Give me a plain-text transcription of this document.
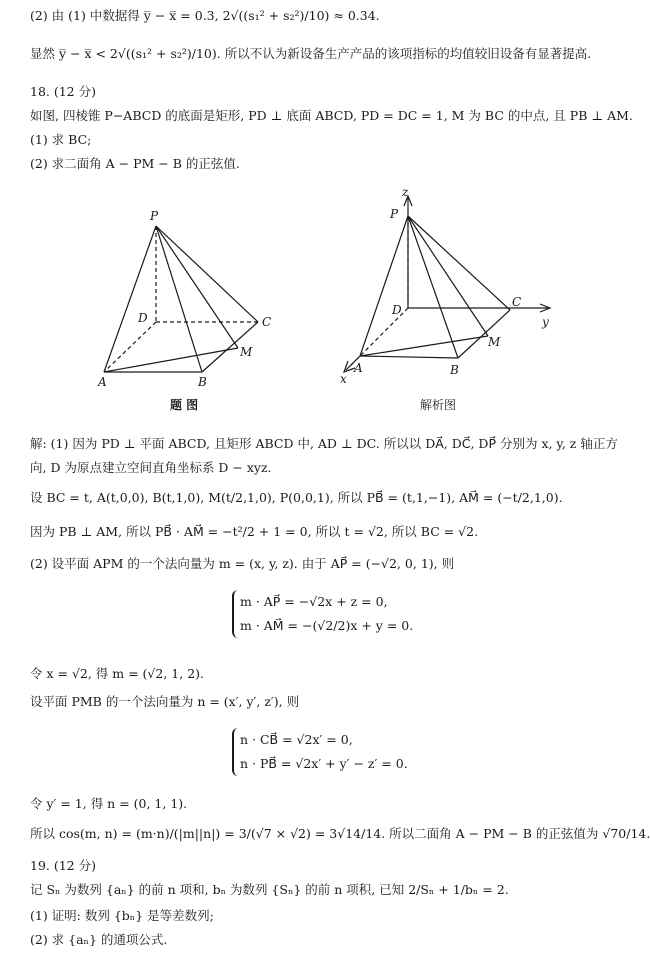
(2) 由 (1) 中数据得 y̅ − x̅ = 0.3, 2√((s₁² + s₂²)/10) ≈ 0.34.
显然 y̅ − x̅ < 2√((s₁² + s₂²)/10). 所以不认为新设备生产产品的该项指标的均值较旧设备有显著提高.
18. (12 分)
如图, 四棱锥 P−ABCD 的底面是矩形, PD ⊥ 底面 ABCD, PD = DC = 1, M 为 BC 的中点, 且 PB ⊥ AM.
(1) 求 BC;
(2) 求二面角 A − PM − B 的正弦值.
P
D	C
M
A	B
题 图
z
y
x
P
D
C
M
A	B
解析图
解: (1) 因为 PD ⊥ 平面 ABCD, 且矩形 ABCD 中, AD ⊥ DC. 所以以 DA⃗, DC⃗, DP⃗ 分别为 x, y, z 轴正方
向, D 为原点建立空间直角坐标系 D − xyz.
设 BC = t, A(t,0,0), B(t,1,0), M(t/2,1,0), P(0,0,1), 所以 PB⃗ = (t,1,−1), AM⃗ = (−t/2,1,0).
因为 PB ⊥ AM, 所以 PB⃗ · AM⃗ = −t²/2 + 1 = 0, 所以 t = √2, 所以 BC = √2.
(2) 设平面 APM 的一个法向量为 m = (x, y, z). 由于 AP⃗ = (−√2, 0, 1), 则
m · AP⃗ = −√2x + z = 0,
m · AM⃗ = −(√2/2)x + y = 0.
令 x = √2, 得 m = (√2, 1, 2).
设平面 PMB 的一个法向量为 n = (x′, y′, z′), 则
n · CB⃗ = √2x′ = 0,
n · PB⃗ = √2x′ + y′ − z′ = 0.
令 y′ = 1, 得 n = (0, 1, 1).
所以 cos(m, n) = (m·n)/(|m||n|) = 3/(√7 × √2) = 3√14/14. 所以二面角 A − PM − B 的正弦值为 √70/14.
19. (12 分)
记 Sₙ 为数列 {aₙ} 的前 n 项和, bₙ 为数列 {Sₙ} 的前 n 项积, 已知 2/Sₙ + 1/bₙ = 2.
(1) 证明: 数列 {bₙ} 是等差数列;
(2) 求 {aₙ} 的通项公式.
